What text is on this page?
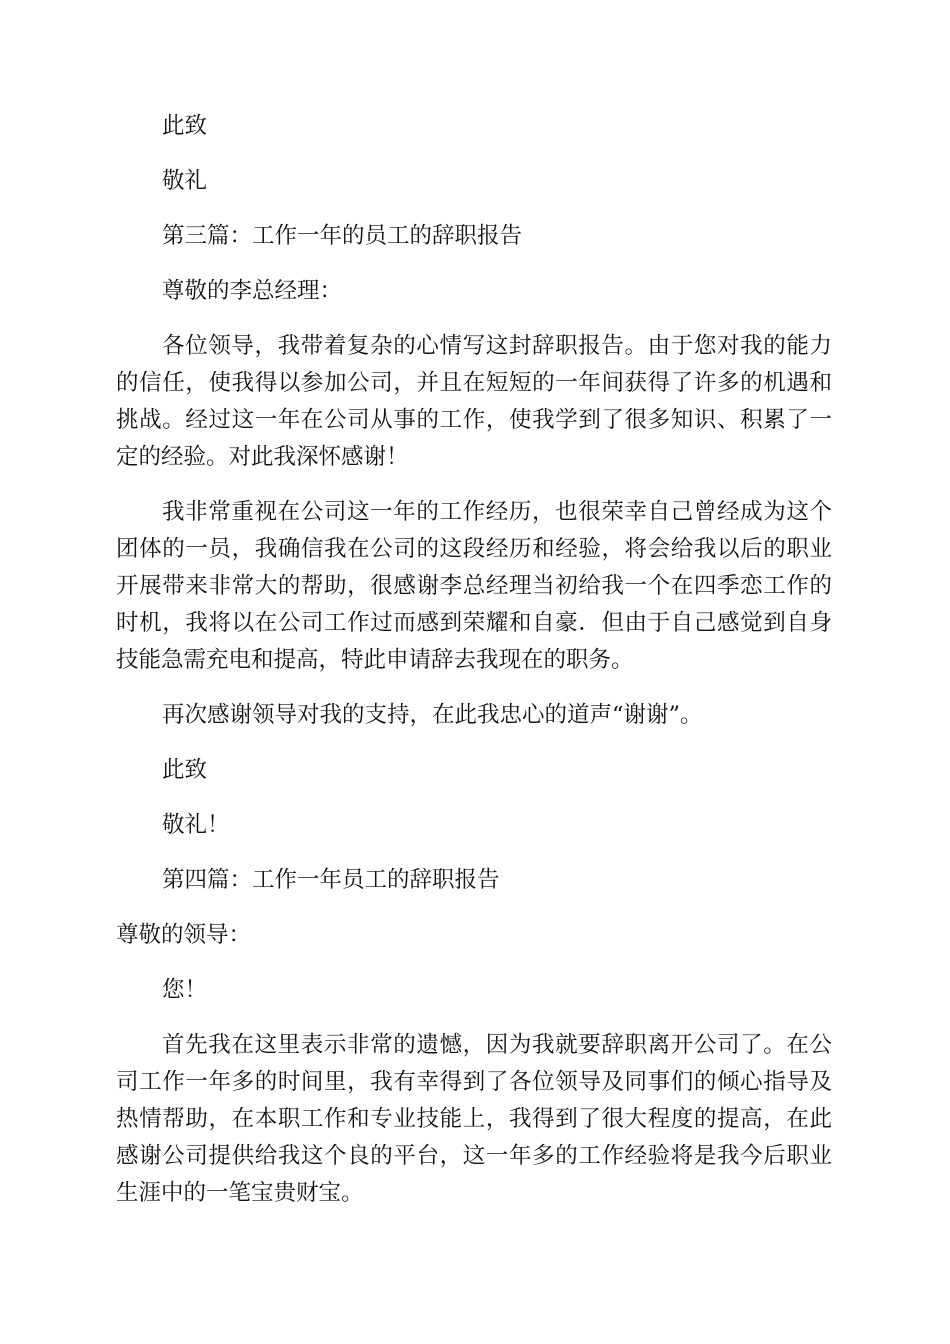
此致

敬礼

第三篇：工作一年的员工的辞职报告

尊敬的李总经理：

各位领导，我带着复杂的心情写这封辞职报告。由于您对我的能力的信任，使我得以参加公司，并且在短短的一年间获得了许多的机遇和挑战。经过这一年在公司从事的工作，使我学到了很多知识、积累了一定的经验。对此我深怀感谢！

我非常重视在公司这一年的工作经历，也很荣幸自己曾经成为这个团体的一员，我确信我在公司的这段经历和经验，将会给我以后的职业开展带来非常大的帮助，很感谢李总经理当初给我一个在四季恋工作的时机，我将以在公司工作过而感到荣耀和自豪．但由于自己感觉到自身技能急需充电和提高，特此申请辞去我现在的职务。

再次感谢领导对我的支持，在此我忠心的道声“谢谢”。

此致

敬礼！

第四篇：工作一年员工的辞职报告

尊敬的领导：

您！

首先我在这里表示非常的遗憾，因为我就要辞职离开公司了。在公司工作一年多的时间里，我有幸得到了各位领导及同事们的倾心指导及热情帮助，在本职工作和专业技能上，我得到了很大程度的提高，在此感谢公司提供给我这个良的平台，这一年多的工作经验将是我今后职业生涯中的一笔宝贵财宝。
